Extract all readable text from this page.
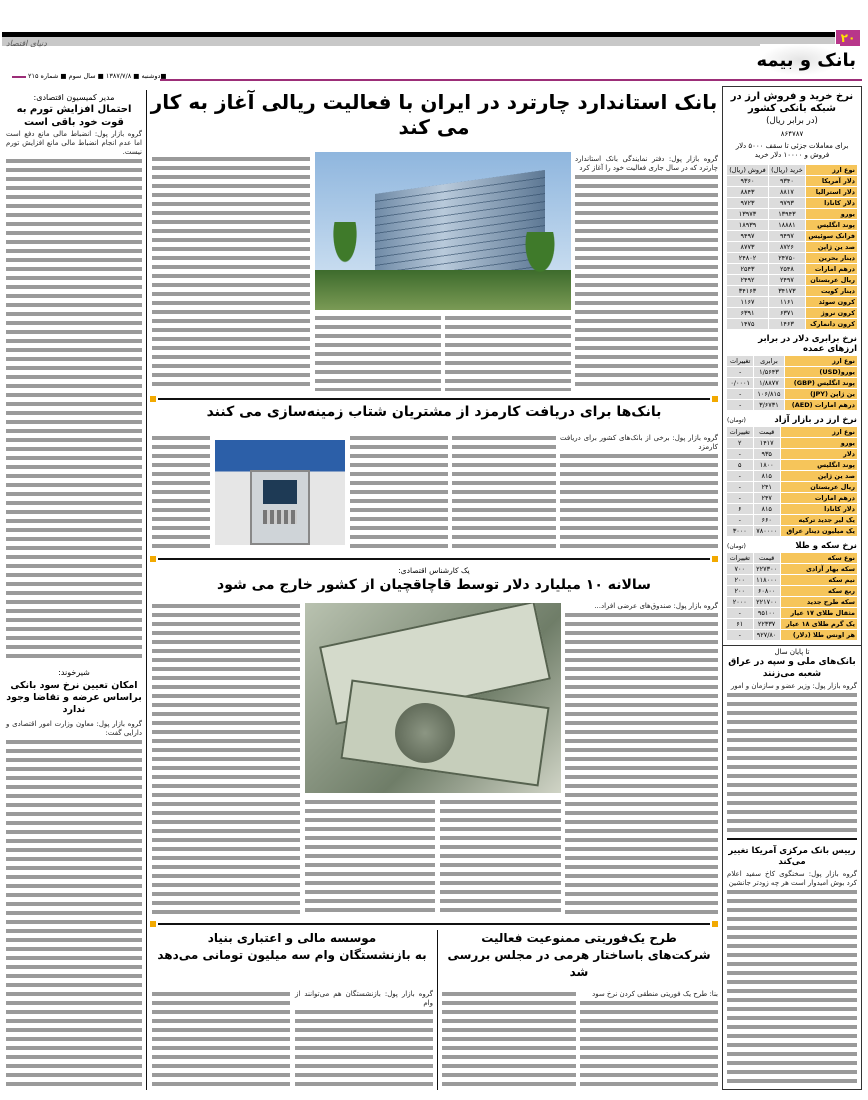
۲۰
دنیای اقتصاد
بانک و بیمه
■دوشنبه ■ ۱۳۸۷/۷/۸ ■ سال سوم ■ شماره ۲۱۵
مدیر کمیسیون اقتصادی:
احتمال افزایش تورم به قوت خود باقی است
گروه بازار پول: انضباط مالی مانع دفع است اما عدم انجام انضباط مالی مانع افزایش تورم نیست.
شیرخوند:
امکان تعیین نرخ سود بانکی براساس عرضه و تقاضا وجود ندارد
گروه بازار پول: معاون وزارت امور اقتصادی و دارایی گفت:
بانک استاندارد چارترد در ایران با فعالیت ریالی آغاز به کار می کند
گروه بازار پول: دفتر نمایندگی بانک استاندارد چارترد که در سال جاری فعالیت خود را آغاز کرد
بانک‌ها برای دریافت کارمزد از مشتریان شتاب زمینه‌سازی می کنند
گروه بازار پول: برخی از بانک‌های کشور برای دریافت کارمزد
یک کارشناس اقتصادی:
سالانه ۱۰ میلیارد دلار توسط قاچاقچیان از کشور خارج می شود
گروه بازار پول: صندوق‌های عرضی افراد...
طرح یک‌فوریتی ممنوعیت فعالیت
شرکت‌های باساختار هرمی در مجلس بررسی شد
بنا: طرح یک فوریتی منطقی کردن نرخ سود
موسسه مالی و اعتباری بنیاد
به بازنشستگان وام سه میلیون تومانی می‌دهد
گروه بازار پول: بازنشستگان هم می‌توانند از وام
نرخ خرید و فروش ارز در شبکه بانکی کشور
(در برابر ریال)
۸۶۴۷۸۷
برای معاملات جزئی تا سقف ۵۰۰۰ دلار فروش و ۱۰۰۰۰ دلار خرید
نوع ارز	خرید (ریال)	فروش (ریال)
دلار آمریکا	۹۳۴۰	۹۳۶۰
دلار استرالیا	۸۸۱۷	۸۸۴۳
دلار کانادا	۹۷۹۳	۹۷۲۳
یورو	۱۳۹۴۳	۱۳۹۷۳
پوند انگلیس	۱۸۸۸۱	۱۸۹۳۹
فرانک سوئیس	۹۴۹۷	۹۴۹۷
صد ین ژاپن	۸۷۲۶	۸۷۷۳
دینار بحرین	۲۴۷۵۰	۲۴۸۰۲
درهم امارات	۲۵۴۸	۲۵۴۳
ریال عربستان	۲۴۹۷	۲۴۹۲
دینار کویت	۳۴۱۷۳	۳۴۱۶۳
کرون سوئد	۱۱۶۱	۱۱۶۷
کرون نروژ	۶۳۷۱	۶۳۹۱
کرون دانمارک	۱۴۶۳	۱۴۷۵
نرخ برابری دلار در برابر ارزهای عمده
نوع ارز	برابری	تغییرات
یورو(USD)	۱/۵۶۴۳	-
پوند انگلیس (GBP)	۱/۸۸۷۷	۰/۰۰۰۱
ین ژاپن (JPY)	۱۰۶/۸۱۵	-
درهم امارات (AED)	۳/۶۷۳۱	-
نرخ ارز در بازار آزاد
(تومان)
نوع ارز	قیمت	تغییرات
یورو	۱۴۱۷	۲
دلار	۹۳۵	-
پوند انگلیس	۱۸۰۰	۵
صد ین ژاپن	۸۱۵	-
ریال عربستان	۲۴۱	-
درهم امارات	۲۴۷	-
دلار کانادا	۸۱۵	۶
یک لیر جدید ترکیه	۶۶۰	-
یک میلیون دینار عراق	۷۸۰۰۰۰	۳۰۰۰
نرخ سکه و طلا
(تومان)
نوع سکه	قیمت	تغییرات
سکه بهار آزادی	۲۲۷۳۰۰	۷۰۰
نیم سکه	۱۱۸۰۰۰	۲۰۰
ربع سکه	۶۰۸۰۰	۲۰۰
سکه طرح جدید	۲۲۱۷۰۰	۲۰۰۰
مثقال طلای ۱۷ عیار	۹۵۱۰۰	-
یک گرم طلای ۱۸ عیار	۲۲۳۳۷	۶۱
هر اونس طلا (دلار)	۹۲۷/۸۰	-
تا پایان سال
بانک‌های ملی و سپه در عراق شعبه می‌زنند
گروه بازار پول: وزیر عضو و سازمان و امور
رییس بانک مرکزی آمریکا تغییر می‌کند
گروه بازار پول: سخنگوی کاخ سفید اعلام کرد بوش امیدوار است هر چه زودتر جانشین
